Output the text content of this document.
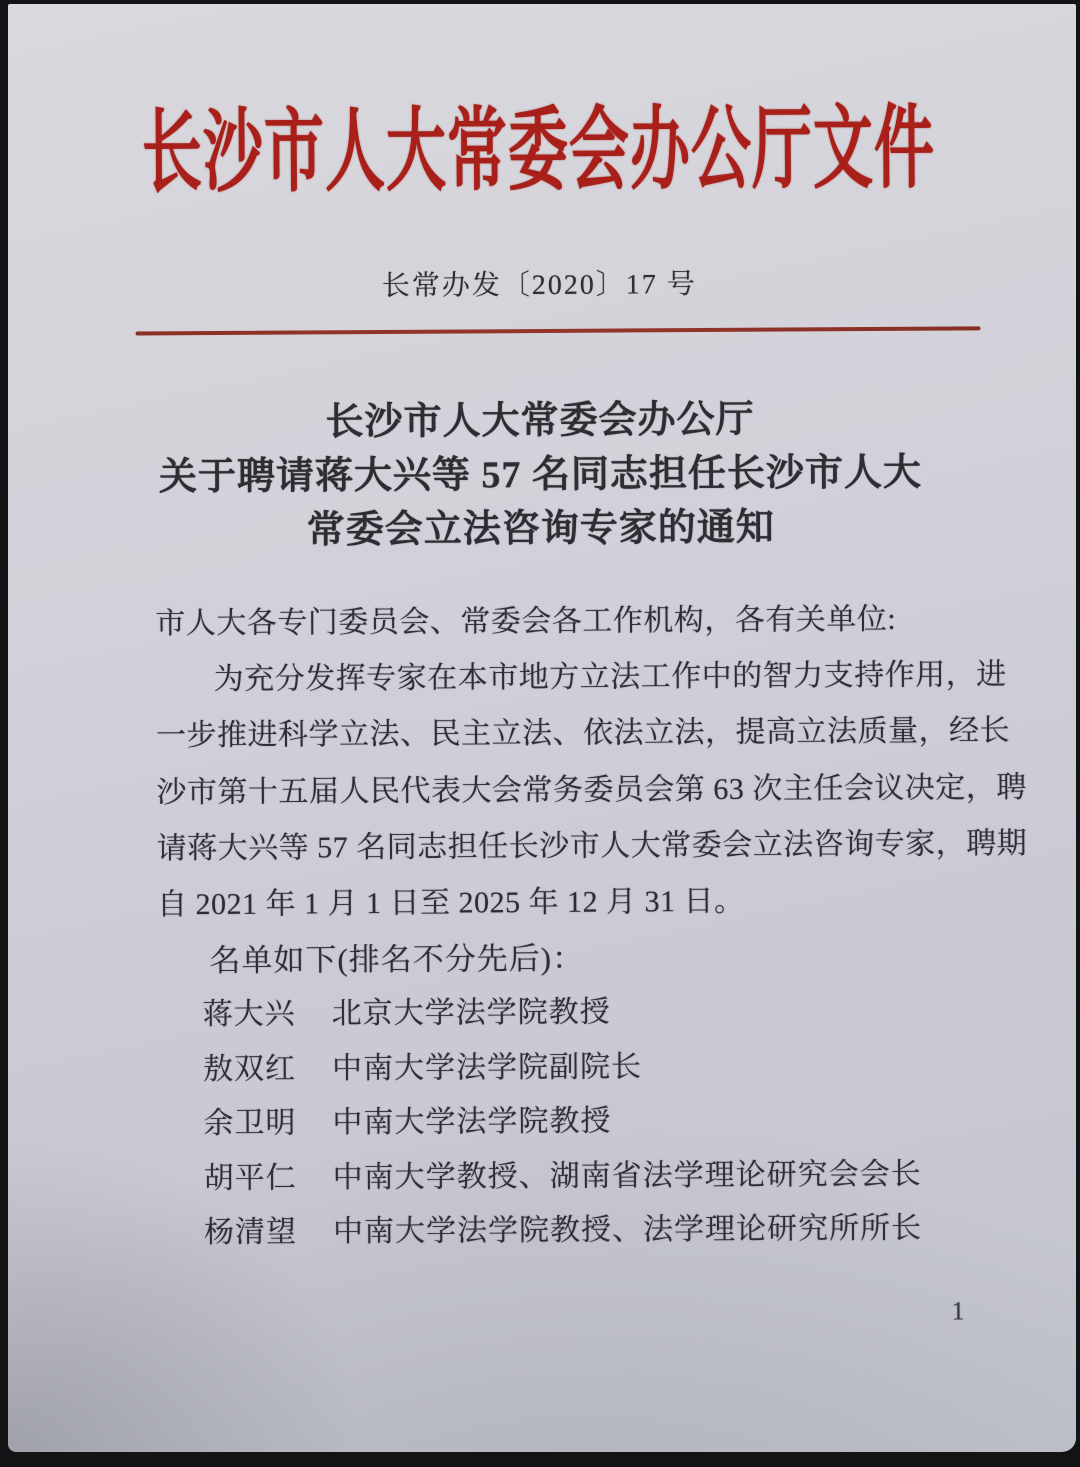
长沙市人大常委会办公厅文件
长常办发〔2020〕17 号
长沙市人大常委会办公厅
关于聘请蒋大兴等 57 名同志担任长沙市人大
常委会立法咨询专家的通知
市人大各专门委员会、常委会各工作机构，各有关单位:
为充分发挥专家在本市地方立法工作中的智力支持作用，进
一步推进科学立法、民主立法、依法立法，提高立法质量，经长
沙市第十五届人民代表大会常务委员会第 63 次主任会议决定，聘
请蒋大兴等 57 名同志担任长沙市人大常委会立法咨询专家，聘期
自 2021 年 1 月 1 日至 2025 年 12 月 31 日。
名单如下(排名不分先后)：
蒋大兴	北京大学法学院教授
敖双红	中南大学法学院副院长
余卫明	中南大学法学院教授
胡平仁	中南大学教授、湖南省法学理论研究会会长
杨清望	中南大学法学院教授、法学理论研究所所长
1
